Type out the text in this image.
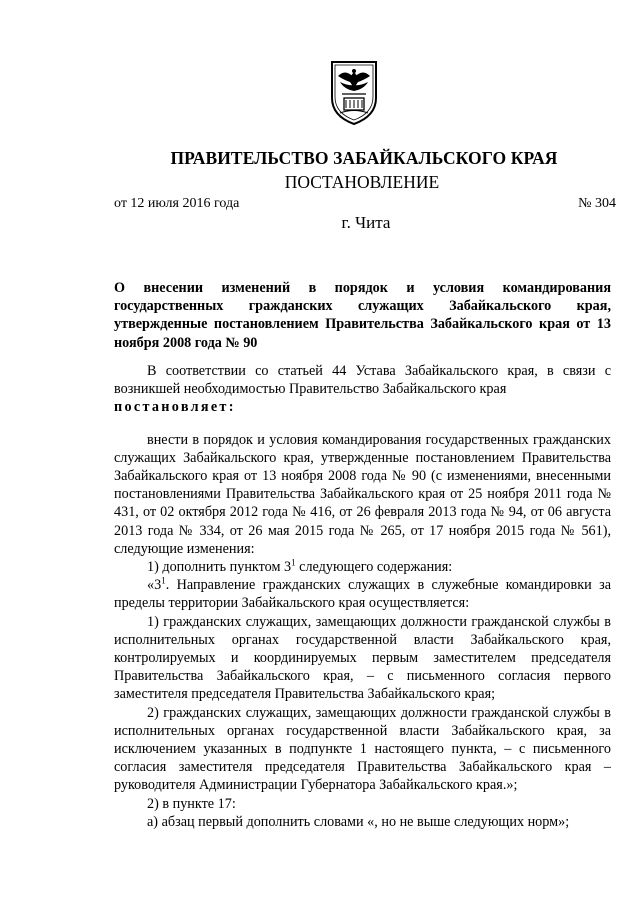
ПРАВИТЕЛЬСТВО ЗАБАЙКАЛЬСКОГО КРАЯ
ПОСТАНОВЛЕНИЕ
от 12 июля 2016 года	№ 304
г. Чита
О внесении изменений в порядок и условия командирования государственных гражданских служащих Забайкальского края, утвержденные постановлением Правительства Забайкальского края от 13 ноября 2008 года № 90

В соответствии со статьей 44 Устава Забайкальского края, в связи с возникшей необходимостью Правительство Забайкальского края
постановляет:

внести в порядок и условия командирования государственных гражданских служащих Забайкальского края, утвержденные постановлением Правительства Забайкальского края от 13 ноября 2008 года № 90 (с изменениями, внесенными постановлениями Правительства Забайкальского края от 25 ноября 2011 года № 431, от 02 октября 2012 года № 416, от 26 февраля 2013 года № 94, от 06 августа 2013 года № 334, от 26 мая 2015 года № 265, от 17 ноября 2015 года № 561), следующие изменения:

1) дополнить пунктом $3^1$ следующего содержания:

«$3^1$. Направление гражданских служащих в служебные командировки за пределы территории Забайкальского края осуществляется:

1) гражданских служащих, замещающих должности гражданской службы в исполнительных органах государственной власти Забайкальского края, контролируемых и координируемых первым заместителем председателя Правительства Забайкальского края, – с письменного согласия первого заместителя председателя Правительства Забайкальского края;

2) гражданских служащих, замещающих должности гражданской службы в исполнительных органах государственной власти Забайкальского края, за исключением указанных в подпункте 1 настоящего пункта, – с письменного согласия заместителя председателя Правительства Забайкальского края – руководителя Администрации Губернатора Забайкальского края.»;

2) в пункте 17:

а) абзац первый дополнить словами «, но не выше следующих норм»;
